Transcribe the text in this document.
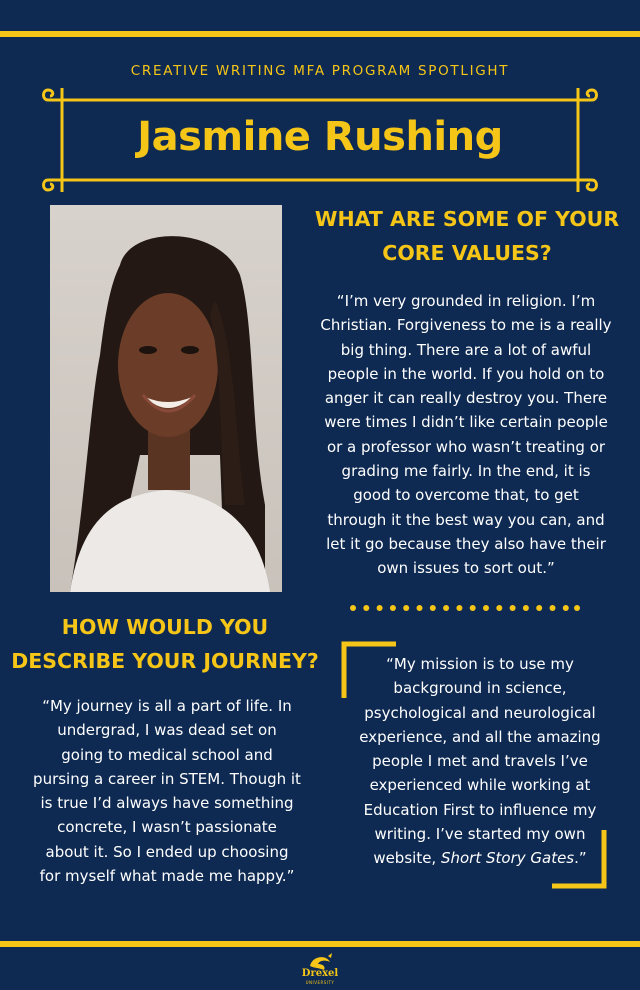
CREATIVE WRITING MFA PROGRAM SPOTLIGHT
Jasmine Rushing
WHAT ARE SOME OF YOUR
CORE VALUES?
“I’m very grounded in religion. I’m
Christian. Forgiveness to me is a really
big thing. There are a lot of awful
people in the world. If you hold on to
anger it can really destroy you. There
were times I didn’t like certain people
or a professor who wasn’t treating or
grading me fairly. In the end, it is
good to overcome that, to get
through it the best way you can, and
let it go because they also have their
own issues to sort out.”
HOW WOULD YOU
DESCRIBE YOUR JOURNEY?
“My journey is all a part of life. In
undergrad, I was dead set on
going to medical school and
pursing a career in STEM. Though it
is true I’d always have something
concrete, I wasn’t passionate
about it. So I ended up choosing
for myself what made me happy.”
“My mission is to use my
background in science,
psychological and neurological
experience, and all the amazing
people I met and travels I’ve
experienced while working at
Education First to influence my
writing. I’ve started my own
website, Short Story Gates.”
Drexel
UNIVERSITY
